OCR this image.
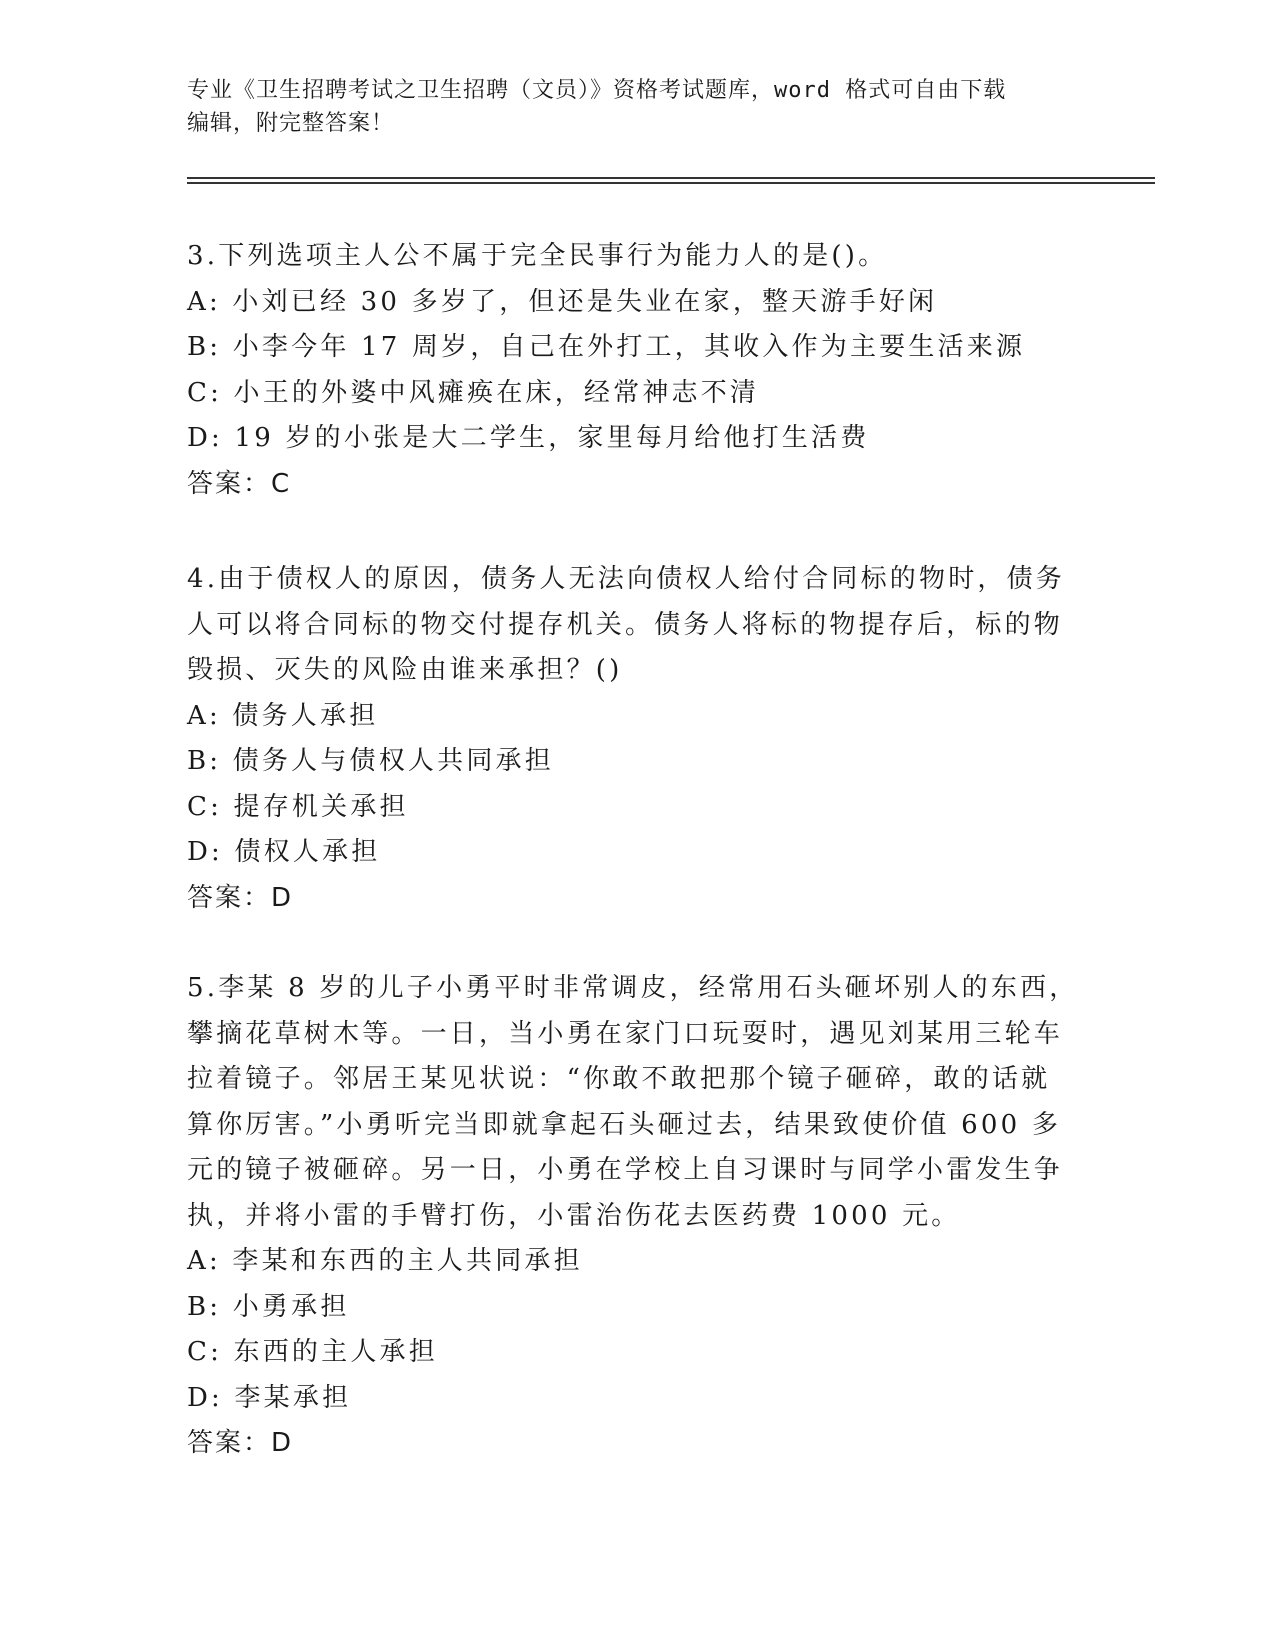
专业《卫生招聘考试之卫生招聘（文员）》资格考试题库，word 格式可自由下载
编辑，附完整答案！
3.下列选项主人公不属于完全民事行为能力人的是()。
A: 小刘已经 30 多岁了，但还是失业在家，整天游手好闲
B: 小李今年 17 周岁，自己在外打工，其收入作为主要生活来源
C: 小王的外婆中风瘫痪在床，经常神志不清
D: 19 岁的小张是大二学生，家里每月给他打生活费
答案：C
4.由于债权人的原因，债务人无法向债权人给付合同标的物时，债务
人可以将合同标的物交付提存机关。债务人将标的物提存后，标的物
毁损、灭失的风险由谁来承担？()
A: 债务人承担
B: 债务人与债权人共同承担
C: 提存机关承担
D: 债权人承担
答案：D
5.李某 8 岁的儿子小勇平时非常调皮，经常用石头砸坏别人的东西，
攀摘花草树木等。一日，当小勇在家门口玩耍时，遇见刘某用三轮车
拉着镜子。邻居王某见状说：“你敢不敢把那个镜子砸碎，敢的话就
算你厉害。”小勇听完当即就拿起石头砸过去，结果致使价值 600 多
元的镜子被砸碎。另一日，小勇在学校上自习课时与同学小雷发生争
执，并将小雷的手臂打伤，小雷治伤花去医药费 1000 元。
A: 李某和东西的主人共同承担
B: 小勇承担
C: 东西的主人承担
D: 李某承担
答案：D
